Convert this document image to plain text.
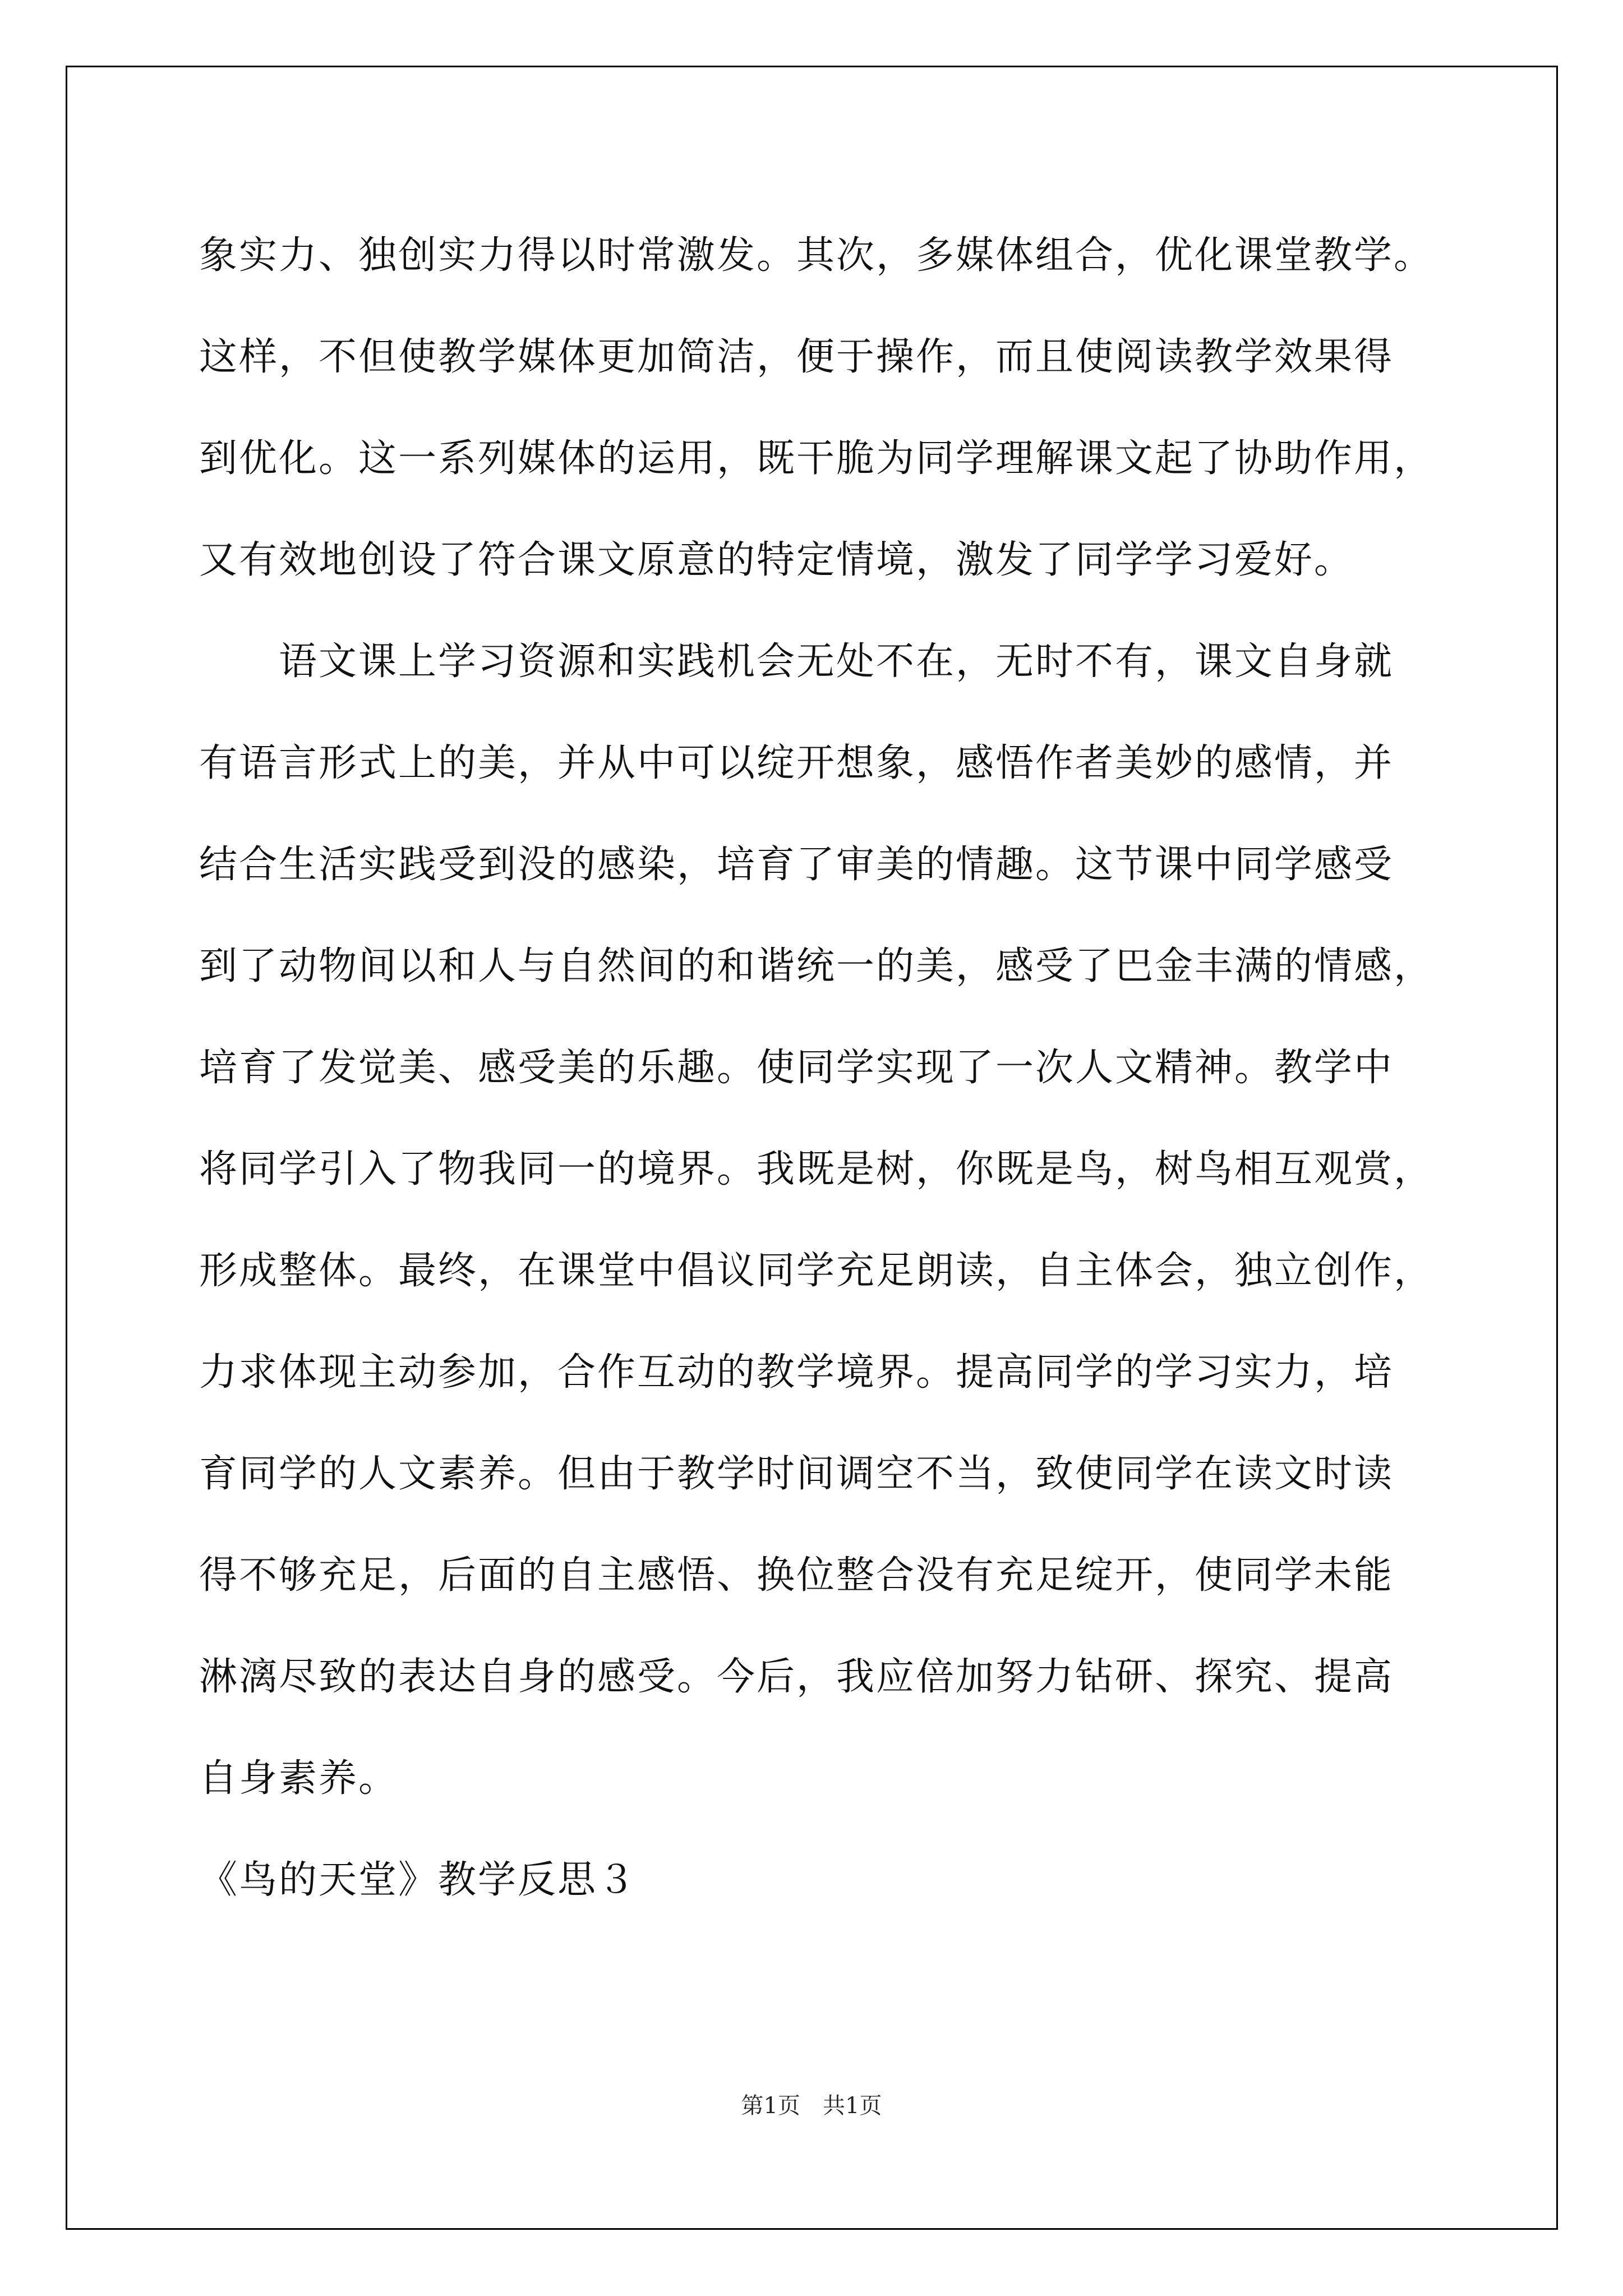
象实力、独创实力得以时常激发。其次，多媒体组合，优化课堂教学。
这样，不但使教学媒体更加简洁，便于操作，而且使阅读教学效果得
到优化。这一系列媒体的运用，既干脆为同学理解课文起了协助作用，
又有效地创设了符合课文原意的特定情境，激发了同学学习爱好。
　　语文课上学习资源和实践机会无处不在，无时不有，课文自身就
有语言形式上的美，并从中可以绽开想象，感悟作者美妙的感情，并
结合生活实践受到没的感染，培育了审美的情趣。这节课中同学感受
到了动物间以和人与自然间的和谐统一的美，感受了巴金丰满的情感，
培育了发觉美、感受美的乐趣。使同学实现了一次人文精神。教学中
将同学引入了物我同一的境界。我既是树，你既是鸟，树鸟相互观赏，
形成整体。最终，在课堂中倡议同学充足朗读，自主体会，独立创作，
力求体现主动参加，合作互动的教学境界。提高同学的学习实力，培
育同学的人文素养。但由于教学时间调空不当，致使同学在读文时读
得不够充足，后面的自主感悟、换位整合没有充足绽开，使同学未能
淋漓尽致的表达自身的感受。今后，我应倍加努力钻研、探究、提高
自身素养。
《鸟的天堂》教学反思３
第1页　共1页
